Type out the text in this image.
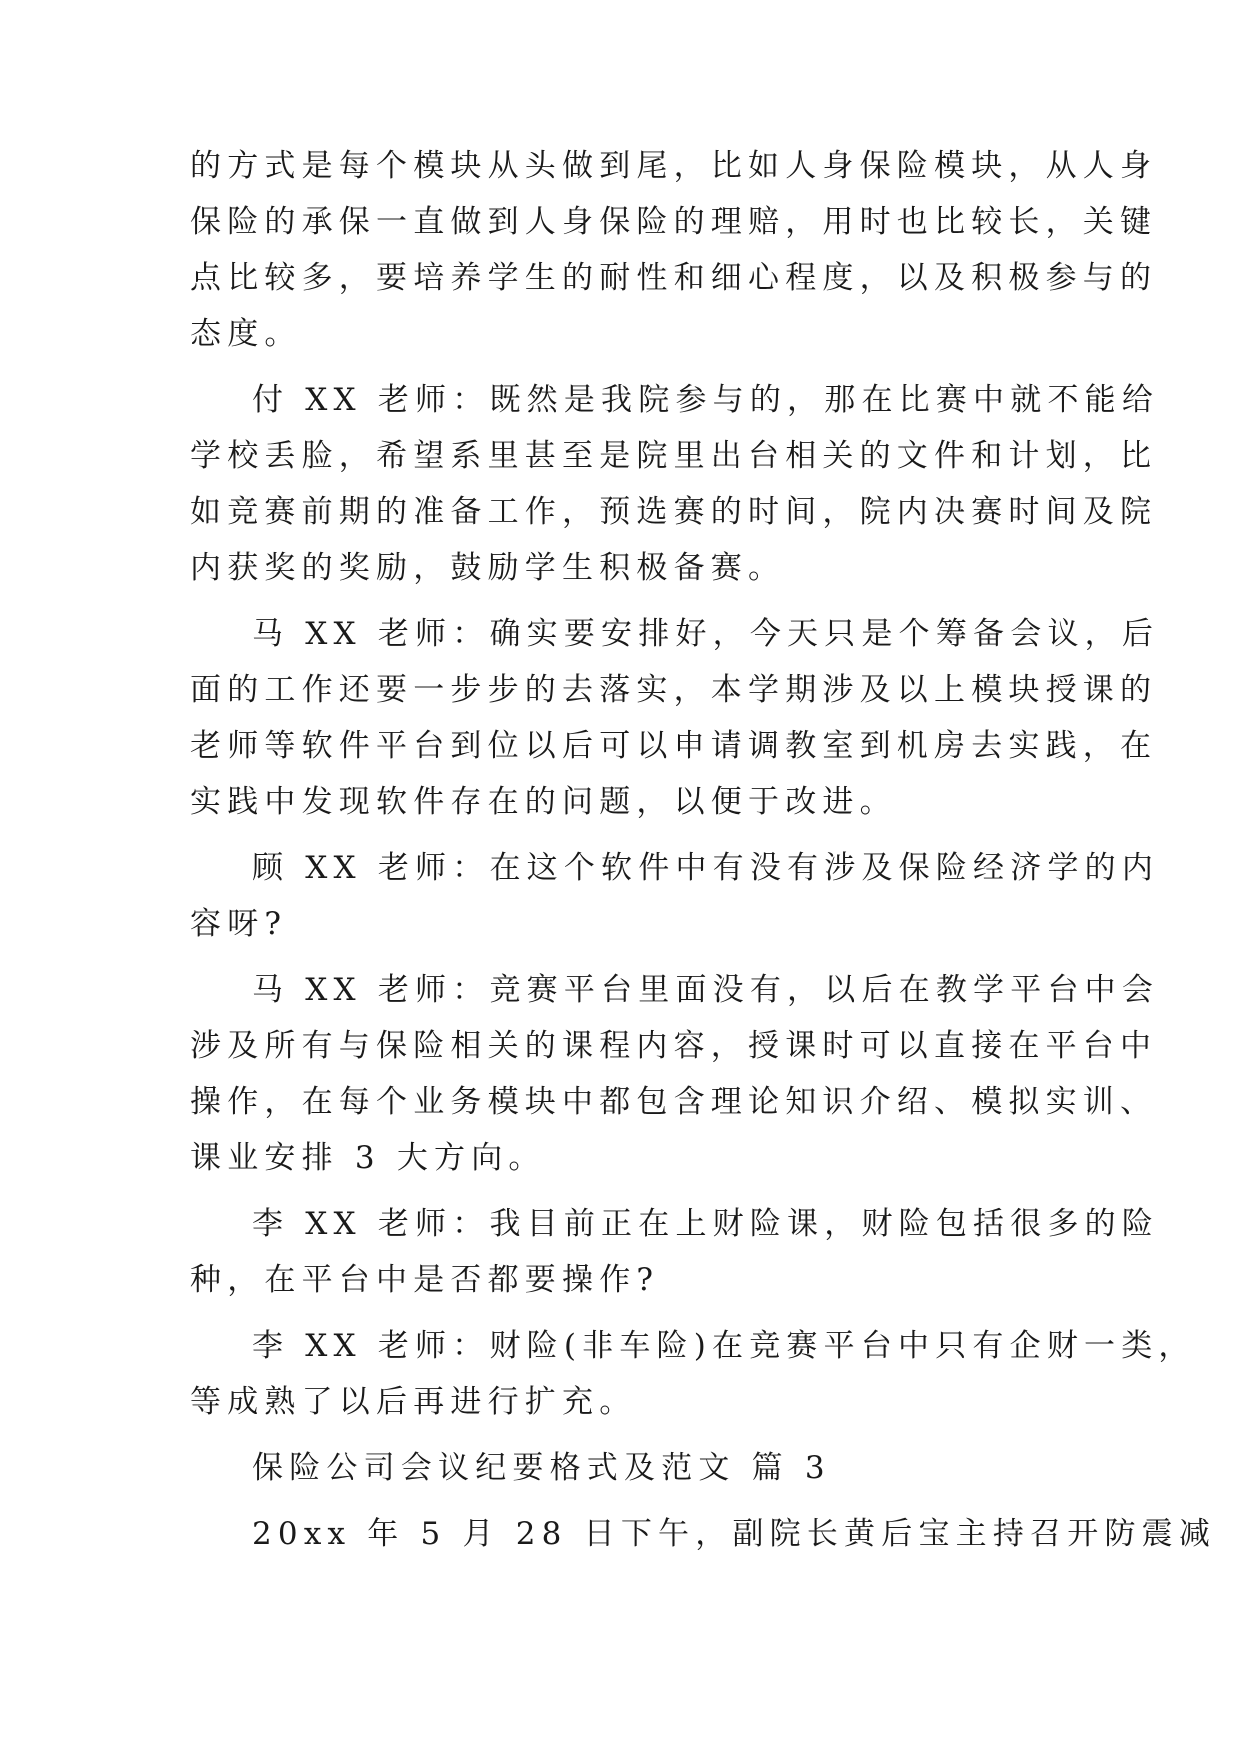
的方式是每个模块从头做到尾，比如人身保险模块，从人身

保险的承保一直做到人身保险的理赔，用时也比较长，关键

点比较多，要培养学生的耐性和细心程度，以及积极参与的

态度。

付 XX 老师：既然是我院参与的，那在比赛中就不能给

学校丢脸，希望系里甚至是院里出台相关的文件和计划，比

如竞赛前期的准备工作，预选赛的时间，院内决赛时间及院

内获奖的奖励，鼓励学生积极备赛。

马 XX 老师：确实要安排好，今天只是个筹备会议，后

面的工作还要一步步的去落实，本学期涉及以上模块授课的

老师等软件平台到位以后可以申请调教室到机房去实践，在

实践中发现软件存在的问题，以便于改进。

顾 XX 老师：在这个软件中有没有涉及保险经济学的内

容呀?

马 XX 老师：竞赛平台里面没有，以后在教学平台中会

涉及所有与保险相关的课程内容，授课时可以直接在平台中

操作，在每个业务模块中都包含理论知识介绍、模拟实训、

课业安排 3 大方向。

李 XX 老师：我目前正在上财险课，财险包括很多的险

种，在平台中是否都要操作?

李 XX 老师：财险(非车险)在竞赛平台中只有企财一类，

等成熟了以后再进行扩充。

保险公司会议纪要格式及范文 篇 3

20xx 年 5 月 28 日下午，副院长黄后宝主持召开防震减
